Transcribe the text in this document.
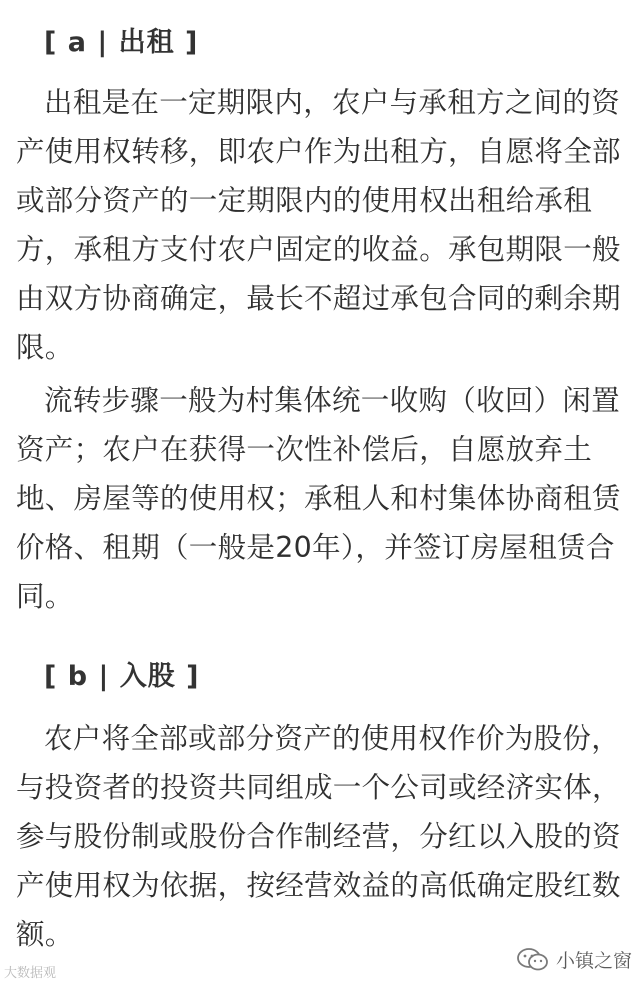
[ a | 出租 ]

出租是在一定期限内，农户与承租方之间的资产使用权转移，即农户作为出租方，自愿将全部或部分资产的一定期限内的使用权出租给承租方，承租方支付农户固定的收益。承包期限一般由双方协商确定，最长不超过承包合同的剩余期限。

流转步骤一般为村集体统一收购（收回）闲置资产；农户在获得一次性补偿后，自愿放弃土地、房屋等的使用权；承租人和村集体协商租赁价格、租期（一般是20年），并签订房屋租赁合同。

[ b | 入股 ]

农户将全部或部分资产的使用权作价为股份，与投资者的投资共同组成一个公司或经济实体，参与股份制或股份合作制经营，分红以入股的资产使用权为依据，按经营效益的高低确定股红数额。

大数据观
小镇之窗
